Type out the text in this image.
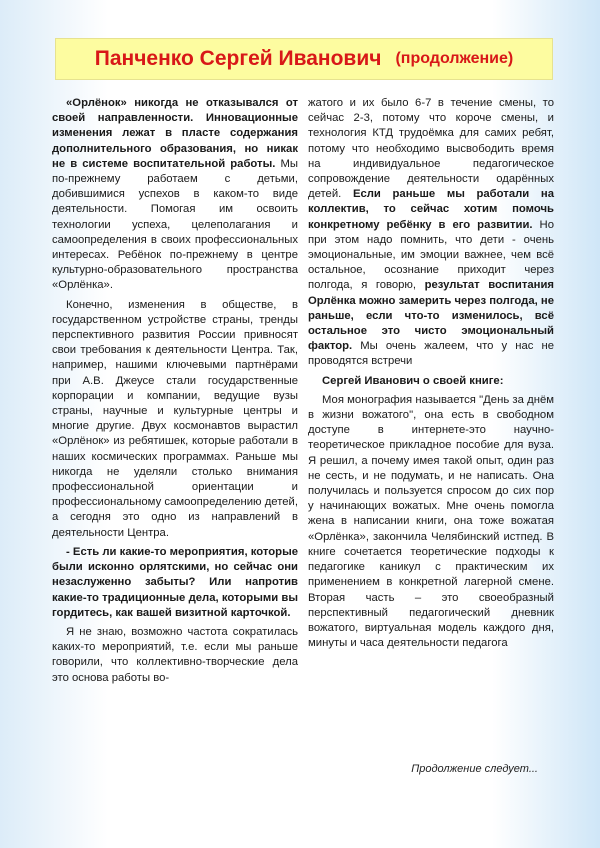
Панченко Сергей Иванович (продолжение)

«Орлёнок» никогда не отказывался от своей направленности. Инновационные изменения лежат в пласте содержания дополнительного образования, но никак не в системе воспитательной работы. Мы по-прежнему работаем с детьми, добившимися успехов в каком-то виде деятельности. Помогая им освоить технологии успеха, целеполагания и самоопределения в своих профессиональных интересах. Ребёнок по-прежнему в центре культурно-образовательного пространства «Орлёнка».

Конечно, изменения в обществе, в государственном устройстве страны, тренды перспективного развития России привносят свои требования к деятельности Центра. Так, например, нашими ключевыми партнёрами при А.В. Джеусе стали государственные корпорации и компании, ведущие вузы страны, научные и культурные центры и многие другие. Двух космонавтов вырастил «Орлёнок» из ребятишек, которые работали в наших космических программах. Раньше мы никогда не уделяли столько внимания профессиональной ориентации и профессиональному самоопределению детей, а сегодня это одно из направлений в деятельности Центра.

- Есть ли какие-то мероприятия, которые были исконно орлятскими, но сейчас они незаслуженно забыты? Или напротив какие-то традиционные дела, которыми вы гордитесь, как вашей визитной карточкой.

Я не знаю, возможно частота сократилась каких-то мероприятий, т.е. если мы раньше говорили, что коллективно-творческие дела это основа работы во-

жатого и их было 6-7 в течение смены, то сейчас 2-3, потому что короче смены, и технология КТД трудоёмка для самих ребят, потому что необходимо высвободить время на индивидуальное педагогическое сопровождение деятельности одарённых детей. Если раньше мы работали на коллектив, то сейчас хотим помочь конкретному ребёнку в его развитии. Но при этом надо помнить, что дети - очень эмоциональные, им эмоции важнее, чем всё остальное, осознание приходит через полгода, я говорю, результат воспитания Орлёнка можно замерить через полгода, не раньше, если что-то изменилось, всё остальное это чисто эмоциональный фактор. Мы очень жалеем, что у нас не проводятся встречи

Сергей Иванович о своей книге:

Моя монография называется "День за днём в жизни вожатого", она есть в свободном доступе в интернете-это научно-теоретическое прикладное пособие для вуза. Я решил, а почему имея такой опыт, один раз не сесть, и не подумать, и не написать. Она получилась и пользуется спросом до сих пор у начинающих вожатых. Мне очень помогла жена в написании книги, она тоже вожатая «Орлёнка», закончила Челябинский истпед. В книге сочетается теоретические подходы к педагогике каникул с практическим их применением в конкретной лагерной смене. Вторая часть – это своеобразный перспективный педагогический дневник вожатого, виртуальная модель каждого дня, минуты и часа деятельности педагога

Продолжение следует...
